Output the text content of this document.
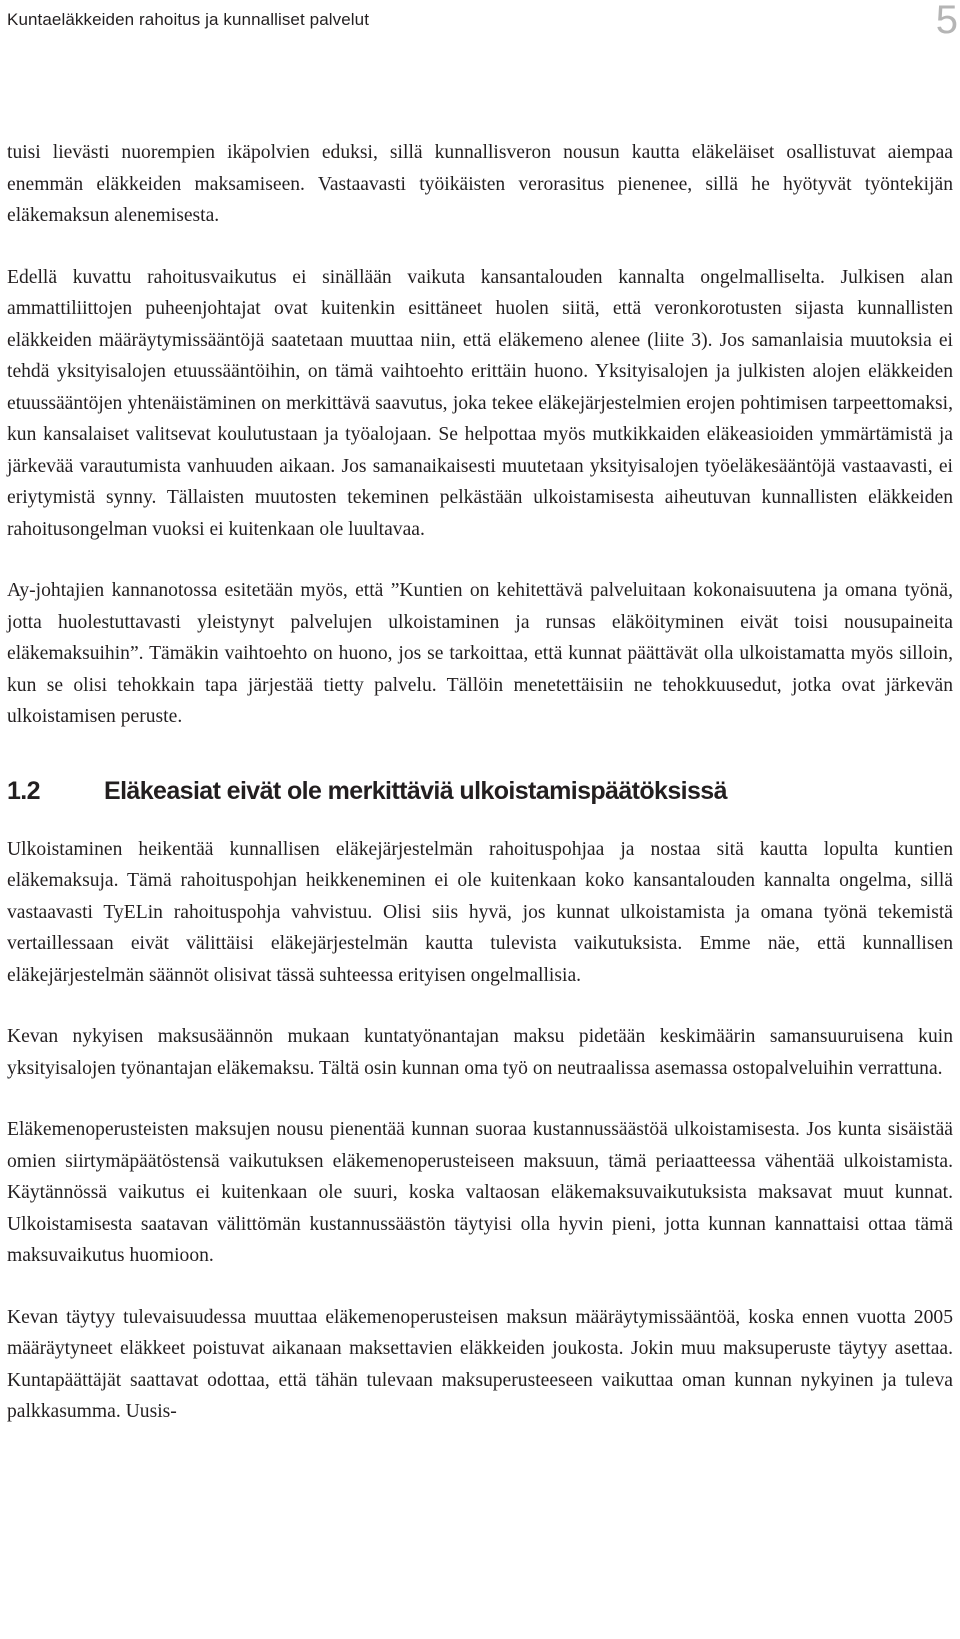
Kuntaeläkkeiden rahoitus ja kunnalliset palvelut	5

tuisi lievästi nuorempien ikäpolvien eduksi, sillä kunnallisveron nousun kautta eläkeläiset osallistuvat aiempaa enemmän eläkkeiden maksamiseen. Vastaavasti työikäisten verorasitus pienenee, sillä he hyötyvät työntekijän eläkemaksun alenemisesta.

Edellä kuvattu rahoitusvaikutus ei sinällään vaikuta kansantalouden kannalta ongelmalliselta. Julkisen alan ammattiliittojen puheenjohtajat ovat kuitenkin esittäneet huolen siitä, että veronkorotusten sijasta kunnallisten eläkkeiden määräytymissääntöjä saatetaan muuttaa niin, että eläkemeno alenee (liite 3). Jos samanlaisia muutoksia ei tehdä yksityisalojen etuussääntöihin, on tämä vaihtoehto erittäin huono. Yksityisalojen ja julkisten alojen eläkkeiden etuussääntöjen yhtenäistäminen on merkittävä saavutus, joka tekee eläkejärjestelmien erojen pohtimisen tarpeettomaksi, kun kansalaiset valitsevat koulutustaan ja työalojaan. Se helpottaa myös mutkikkaiden eläkeasioiden ymmärtämistä ja järkevää varautumista vanhuuden aikaan. Jos samanaikaisesti muutetaan yksityisalojen työeläkesääntöjä vastaavasti, ei eriytymistä synny. Tällaisten muutosten tekeminen pelkästään ulkoistamisesta aiheutuvan kunnallisten eläkkeiden rahoitusongelman vuoksi ei kuitenkaan ole luultavaa.

Ay-johtajien kannanotossa esitetään myös, että ”Kuntien on kehitettävä palveluitaan kokonaisuutena ja omana työnä, jotta huolestuttavasti yleistynyt palvelujen ulkoistaminen ja runsas eläköityminen eivät toisi nousupaineita eläkemaksuihin”. Tämäkin vaihtoehto on huono, jos se tarkoittaa, että kunnat päättävät olla ulkoistamatta myös silloin, kun se olisi tehokkain tapa järjestää tietty palvelu. Tällöin menetettäisiin ne tehokkuusedut, jotka ovat järkevän ulkoistamisen peruste.

1.2	Eläkeasiat eivät ole merkittäviä ulkoistamispäätöksissä

Ulkoistaminen heikentää kunnallisen eläkejärjestelmän rahoituspohjaa ja nostaa sitä kautta lopulta kuntien eläkemaksuja. Tämä rahoituspohjan heikkeneminen ei ole kuitenkaan koko kansantalouden kannalta ongelma, sillä vastaavasti TyELin rahoituspohja vahvistuu. Olisi siis hyvä, jos kunnat ulkoistamista ja omana työnä tekemistä vertaillessaan eivät välittäisi eläkejärjestelmän kautta tulevista vaikutuksista. Emme näe, että kunnallisen eläkejärjestelmän säännöt olisivat tässä suhteessa erityisen ongelmallisia.

Kevan nykyisen maksusäännön mukaan kuntatyönantajan maksu pidetään keskimäärin samansuuruisena kuin yksityisalojen työnantajan eläkemaksu. Tältä osin kunnan oma työ on neutraalissa asemassa ostopalveluihin verrattuna.

Eläkemenoperusteisten maksujen nousu pienentää kunnan suoraa kustannussäästöä ulkoistamisesta. Jos kunta sisäistää omien siirtymäpäätöstensä vaikutuksen eläkemenoperusteiseen maksuun, tämä periaatteessa vähentää ulkoistamista. Käytännössä vaikutus ei kuitenkaan ole suuri, koska valtaosan eläkemaksuvaikutuksista maksavat muut kunnat. Ulkoistamisesta saatavan välittömän kustannussäästön täytyisi olla hyvin pieni, jotta kunnan kannattaisi ottaa tämä maksuvaikutus huomioon.

Kevan täytyy tulevaisuudessa muuttaa eläkemenoperusteisen maksun määräytymissääntöä, koska ennen vuotta 2005 määräytyneet eläkkeet poistuvat aikanaan maksettavien eläkkeiden joukosta. Jokin muu maksuperuste täytyy asettaa. Kuntapäättäjät saattavat odottaa, että tähän tulevaan maksuperusteeseen vaikuttaa oman kunnan nykyinen ja tuleva palkkasumma. Uusis-
